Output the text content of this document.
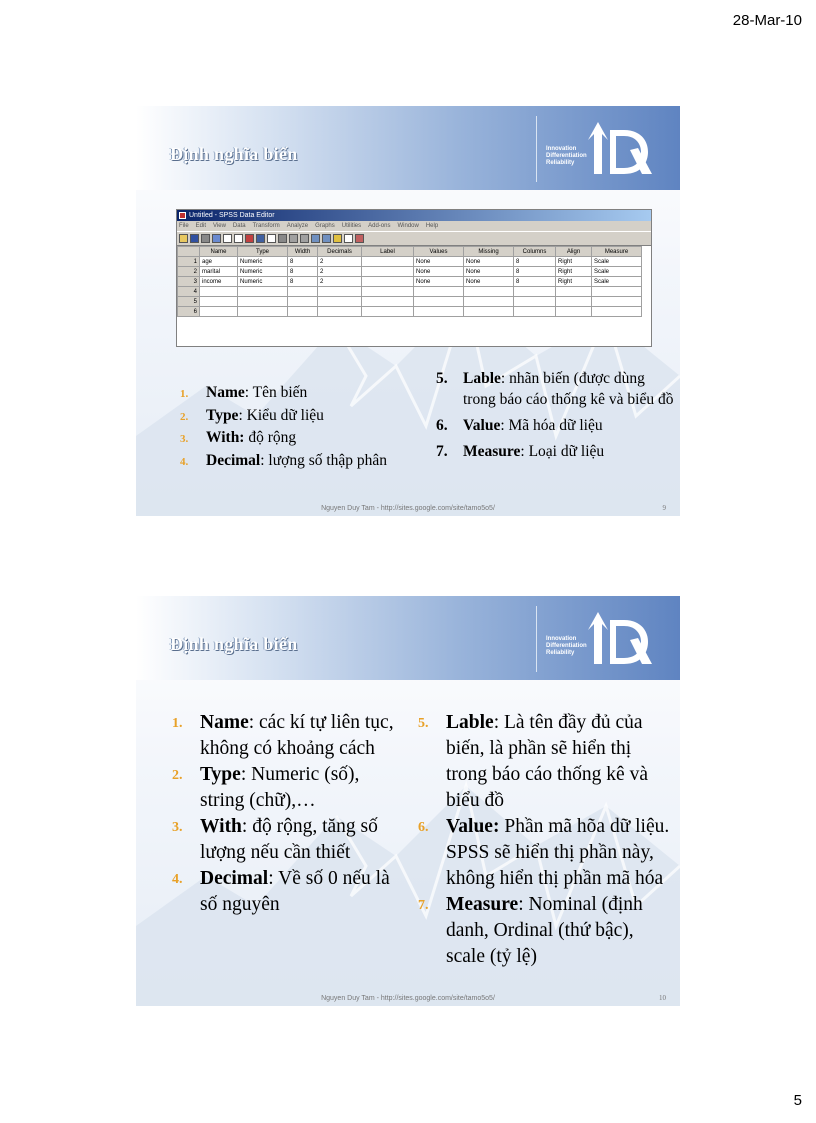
28-Mar-10
Định nghĩa biến	Innovation
Differentiation
Reliability
Untitled - SPSS Data Editor
File Edit View Data Transform Analyze Graphs Utilities Add-ons Window Help
	Name	Type	Width	Decimals	Label	Values	Missing	Columns	Align	Measure
1	age	Numeric	8	2		None	None	8	Right	Scale
2	marital	Numeric	8	2		None	None	8	Right	Scale
3	income	Numeric	8	2		None	None	8	Right	Scale
4										
5										
6										
1. Name: Tên biến
2. Type: Kiểu dữ liệu
3. With: độ rộng
4. Decimal: lượng số thập phân
5. Lable: nhãn biến (được dùng trong báo cáo thống kê và biểu đồ
6. Value: Mã hóa dữ liệu
7. Measure: Loại dữ liệu
Nguyen Duy Tam - http://sites.google.com/site/tamo5o5/	9
Định nghĩa biến	Innovation
Differentiation
Reliability
1. Name: các kí tự liên tục, không có khoảng cách
2. Type: Numeric (số), string (chữ),…
3. With: độ rộng, tăng số lượng nếu cần thiết
4. Decimal: Về số 0 nếu là số nguyên
5. Lable: Là tên đầy đủ của biến, là phần sẽ hiển thị trong báo cáo thống kê và biểu đồ
6. Value: Phần mã hõa dữ liệu. SPSS sẽ hiển thị phần này, không hiển thị phần mã hóa
7. Measure: Nominal (định danh, Ordinal (thứ bậc), scale (tỷ lệ)
Nguyen Duy Tam - http://sites.google.com/site/tamo5o5/	10
5
